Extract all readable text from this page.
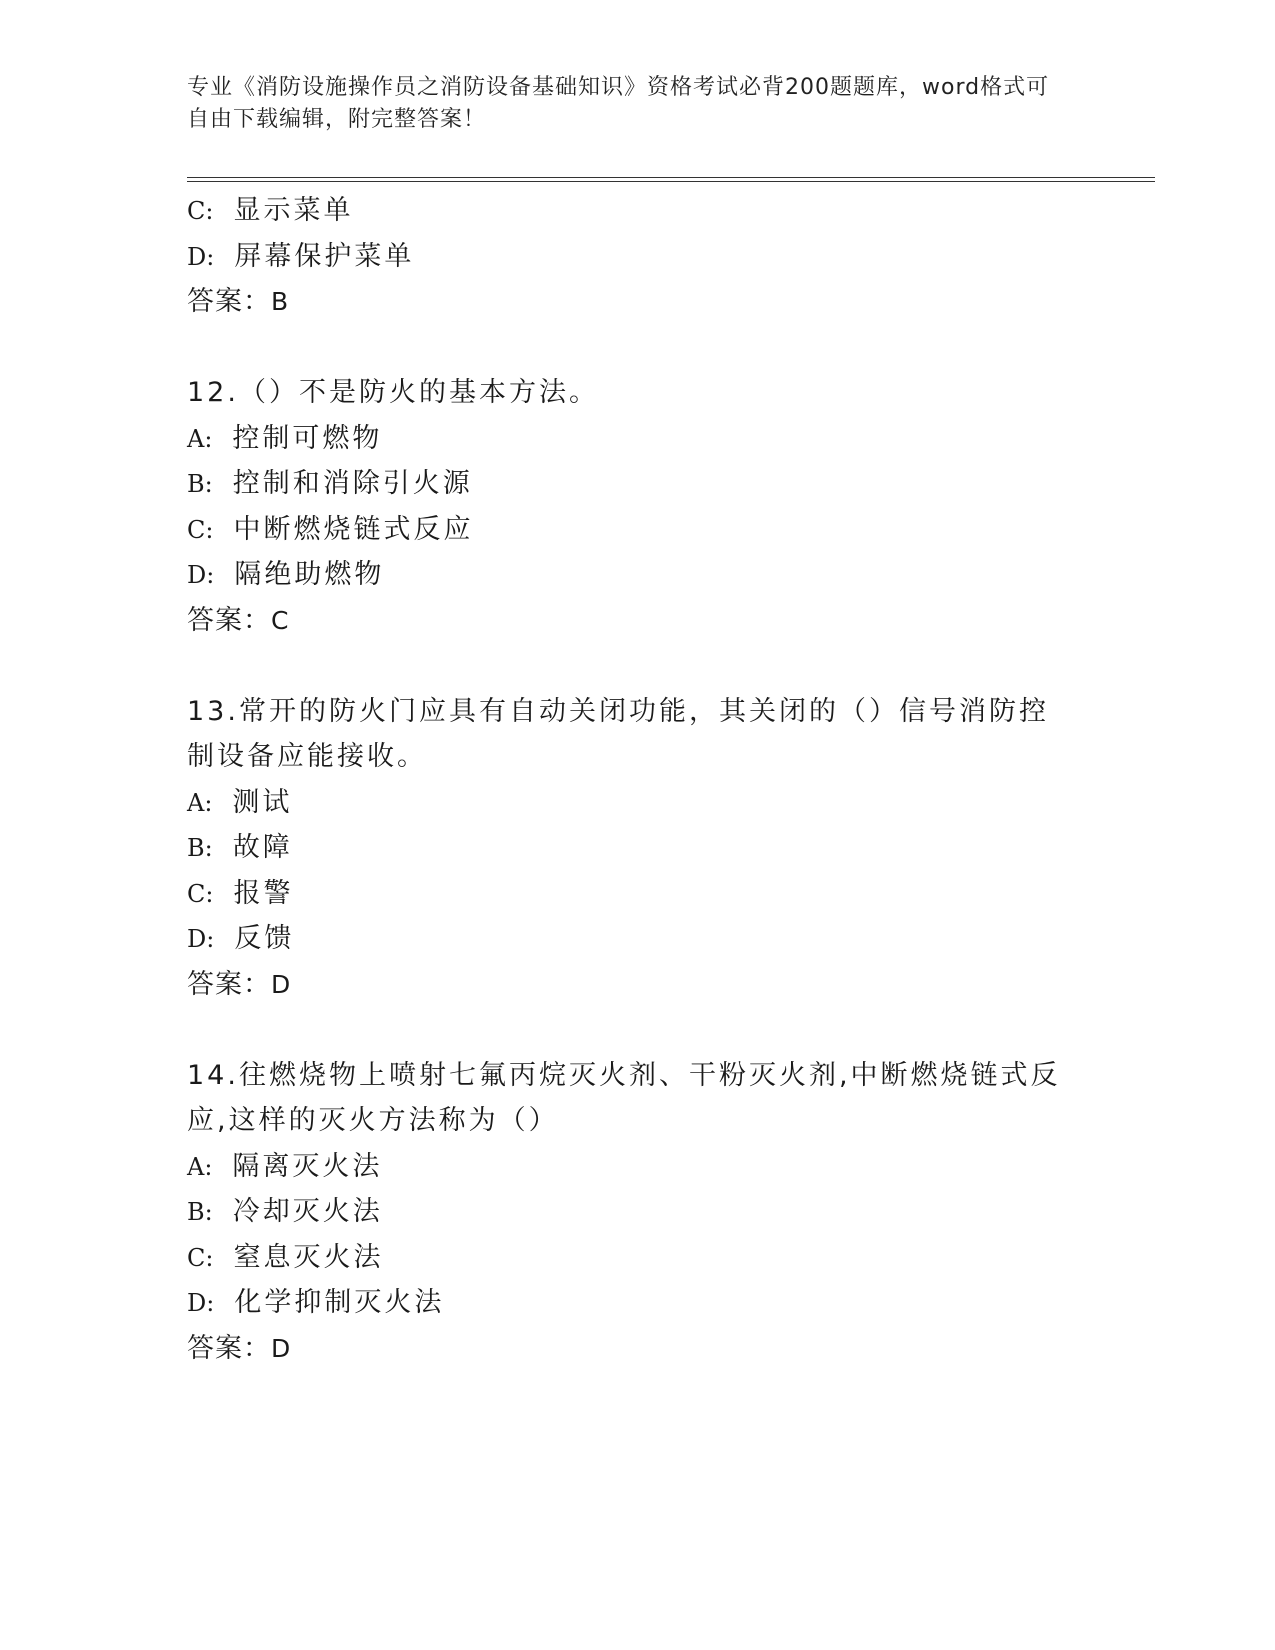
专业《消防设施操作员之消防设备基础知识》资格考试必背200题题库，word格式可自由下载编辑，附完整答案！
C: 显示菜单
D: 屏幕保护菜单
答案：B
12.（）不是防火的基本方法。
A: 控制可燃物
B: 控制和消除引火源
C: 中断燃烧链式反应
D: 隔绝助燃物
答案：C
13.常开的防火门应具有自动关闭功能，其关闭的（）信号消防控制设备应能接收。
A: 测试
B: 故障
C: 报警
D: 反馈
答案：D
14.往燃烧物上喷射七氟丙烷灭火剂、干粉灭火剂,中断燃烧链式反应,这样的灭火方法称为（）
A: 隔离灭火法
B: 冷却灭火法
C: 窒息灭火法
D: 化学抑制灭火法
答案：D
